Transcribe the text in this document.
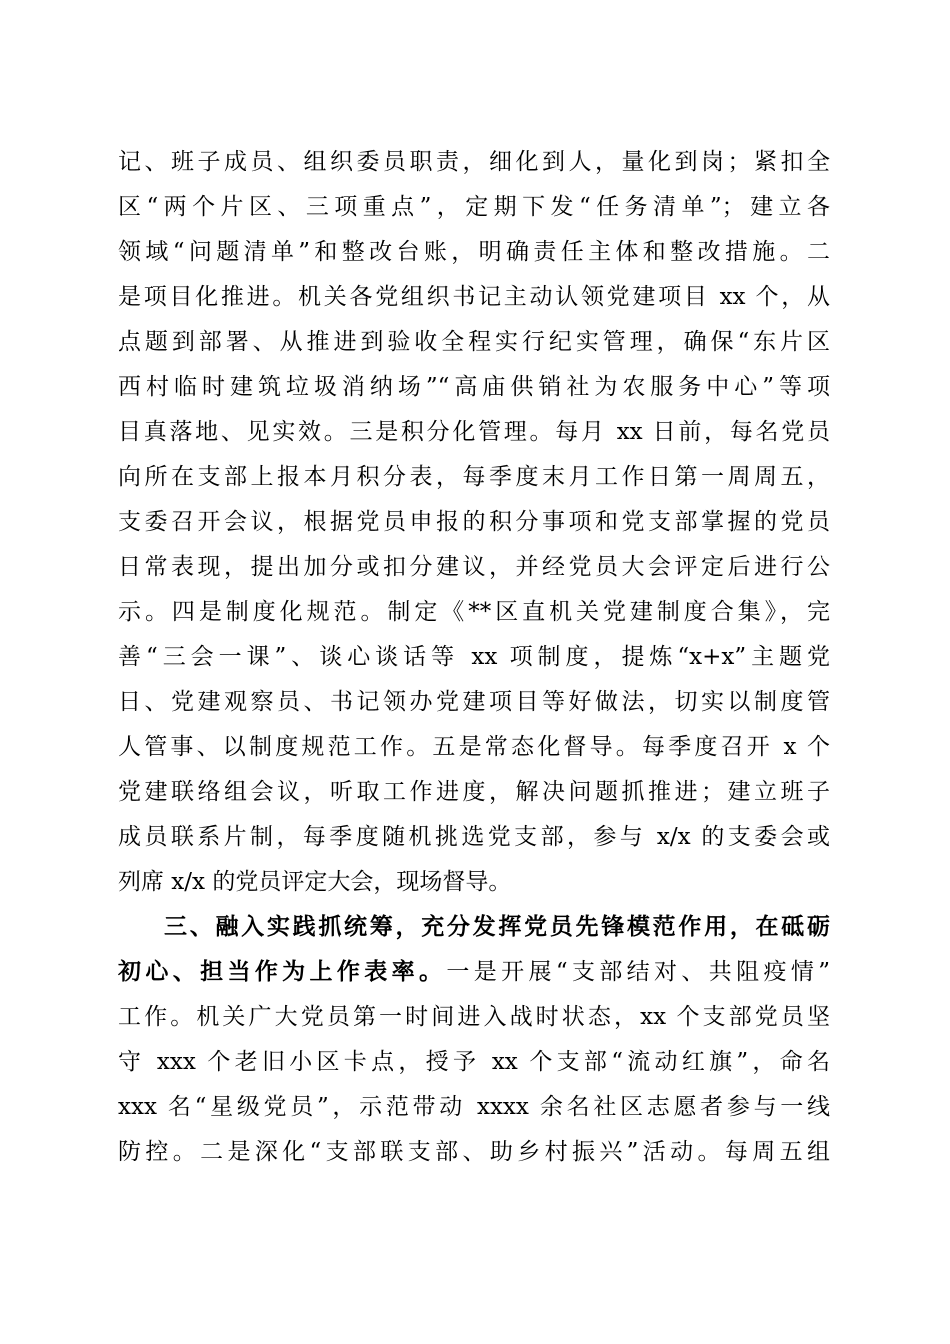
记、班子成员、组织委员职责，细化到人，量化到岗；紧扣全
区“两个片区、三项重点”，定期下发“任务清单”；建立各
领域“问题清单”和整改台账，明确责任主体和整改措施。二
是项目化推进。机关各党组织书记主动认领党建项目 xx 个，从
点题到部署、从推进到验收全程实行纪实管理，确保“东片区
西村临时建筑垃圾消纳场”“高庙供销社为农服务中心”等项
目真落地、见实效。三是积分化管理。每月 xx 日前，每名党员
向所在支部上报本月积分表，每季度末月工作日第一周周五，
支委召开会议，根据党员申报的积分事项和党支部掌握的党员
日常表现，提出加分或扣分建议，并经党员大会评定后进行公
示。四是制度化规范。制定《**区直机关党建制度合集》，完
善“三会一课”、谈心谈话等 xx 项制度，提炼“x+x”主题党
日、党建观察员、书记领办党建项目等好做法，切实以制度管
人管事、以制度规范工作。五是常态化督导。每季度召开 x 个
党建联络组会议，听取工作进度，解决问题抓推进；建立班子
成员联系片制，每季度随机挑选党支部，参与 x/x 的支委会或
列席 x/x 的党员评定大会，现场督导。
三、融入实践抓统筹，充分发挥党员先锋模范作用，在砥砺
初心、担当作为上作表率。一是开展“支部结对、共阻疫情”
工作。机关广大党员第一时间进入战时状态，xx 个支部党员坚
守 xxx 个老旧小区卡点，授予 xx 个支部“流动红旗”，命名
xxx 名“星级党员”，示范带动 xxxx 余名社区志愿者参与一线
防控。二是深化“支部联支部、助乡村振兴”活动。每周五组
